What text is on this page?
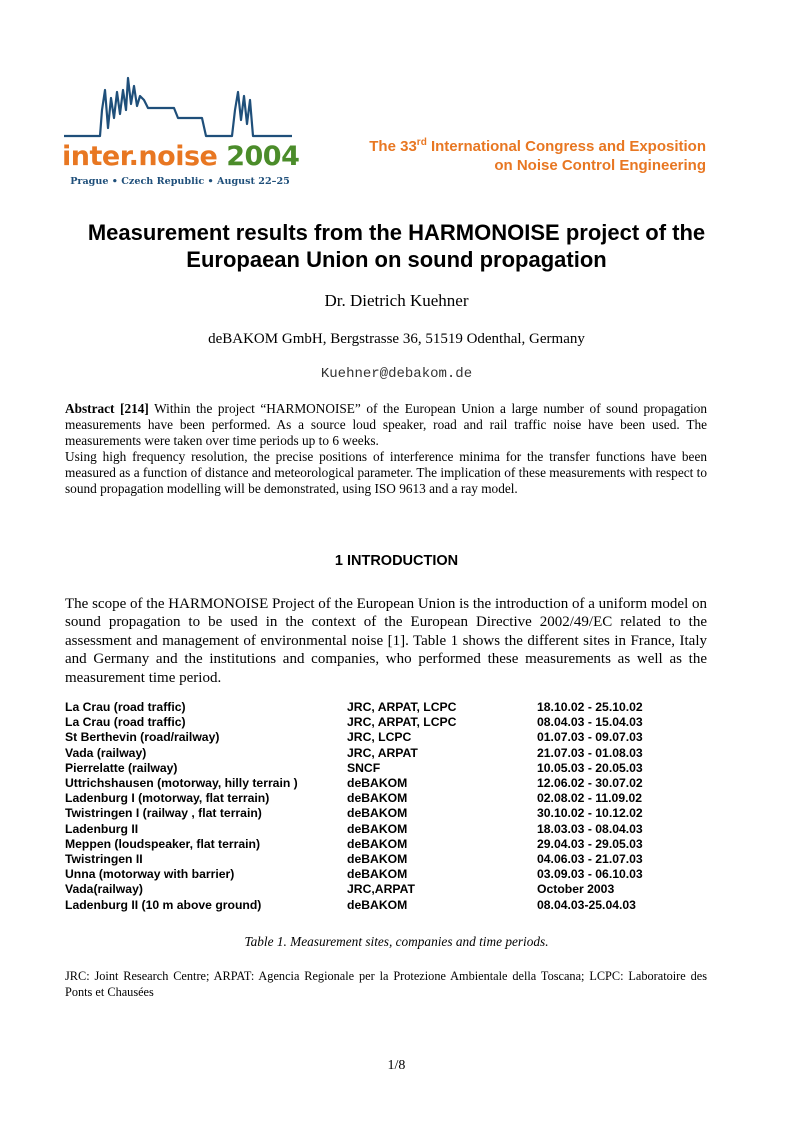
inter.noise 2004
Prague • Czech Republic • August 22–25
The 33rd International Congress and Exposition
on Noise Control Engineering
Measurement results from the HARMONOISE project of the
Europaean Union on sound propagation
Dr. Dietrich Kuehner
deBAKOM GmbH, Bergstrasse 36, 51519 Odenthal, Germany
Kuehner@debakom.de

Abstract [214] Within the project “HARMONOISE” of the European Union a large number of sound propagation measurements have been performed. As a source loud speaker, road and rail traffic noise have been used. The measurements were taken over time periods up to 6 weeks.

Using high frequency resolution, the precise positions of interference minima for the transfer functions have been measured as a function of distance and meteorological parameter. The implication of these measurements with respect to sound propagation modelling will be demonstrated, using ISO 9613 and a ray model.

1 INTRODUCTION

The scope of the HARMONOISE Project of the European Union is the introduction of a uniform model on sound propagation to be used in the context of the European Directive 2002/49/EC related to the assessment and management of environmental noise [1]. Table 1 shows the different sites in France, Italy and Germany and the institutions and companies, who performed these measurements as well as the measurement time period.

La Crau (road traffic)	JRC, ARPAT, LCPC	18.10.02 - 25.10.02
La Crau (road traffic)	JRC, ARPAT, LCPC	08.04.03 - 15.04.03
St Berthevin (road/railway)	JRC, LCPC	01.07.03 - 09.07.03
Vada (railway)	JRC, ARPAT	21.07.03 - 01.08.03
Pierrelatte (railway)	SNCF	10.05.03 - 20.05.03
Uttrichshausen (motorway, hilly terrain )	deBAKOM	12.06.02 - 30.07.02
Ladenburg I (motorway, flat terrain)	deBAKOM	02.08.02 - 11.09.02
Twistringen I (railway , flat terrain)	deBAKOM	30.10.02 - 10.12.02
Ladenburg II	deBAKOM	18.03.03 - 08.04.03
Meppen (loudspeaker, flat terrain)	deBAKOM	29.04.03 - 29.05.03
Twistringen II	deBAKOM	04.06.03 - 21.07.03
Unna (motorway with barrier)	deBAKOM	03.09.03 - 06.10.03
Vada(railway)	JRC,ARPAT	October 2003
Ladenburg II (10 m above ground)	deBAKOM	08.04.03-25.04.03
Table 1. Measurement sites, companies and time periods.

JRC: Joint Research Centre; ARPAT: Agencia Regionale per la Protezione Ambientale della Toscana; LCPC: Laboratoire des Ponts et Chausées

1/8
